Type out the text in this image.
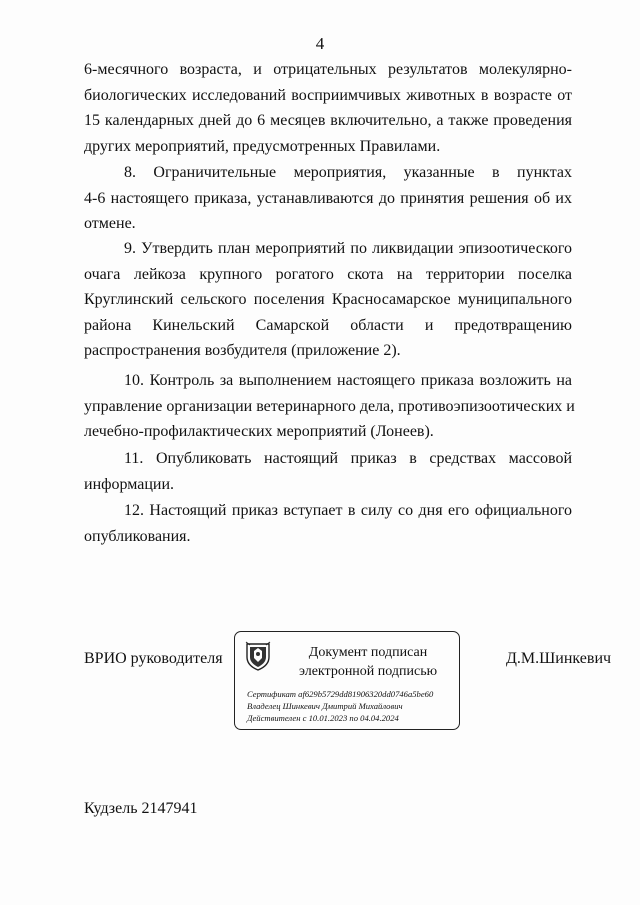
4
6-месячного возраста, и отрицательных результатов молекулярно-
биологических исследований восприимчивых животных в возрасте от
15 календарных дней до 6 месяцев включительно, а также проведения
других мероприятий, предусмотренных Правилами.
8. Ограничительные мероприятия, указанные в пунктах
4-6 настоящего приказа, устанавливаются до принятия решения об их
отмене.
9. Утвердить план мероприятий по ликвидации эпизоотического
очага лейкоза крупного рогатого скота на территории поселка
Круглинский сельского поселения Красносамарское муниципального
района Кинельский Самарской области и предотвращению
распространения возбудителя (приложение 2).
10. Контроль за выполнением настоящего приказа возложить на
управление организации ветеринарного дела, противоэпизоотических и
лечебно-профилактических мероприятий (Лонеев).
11. Опубликовать настоящий приказ в средствах массовой
информации.
12. Настоящий приказ вступает в силу со дня его официального
опубликования.
ВРИО руководителя	Документ подписан
электронной подписью
Сертификат af629b5729dd81906320dd0746a5be60
Владелец Шинкевич Дмитрий Михайлович
Действителен с 10.01.2023 по 04.04.2024
Д.М.Шинкевич
Кудзель 2147941
